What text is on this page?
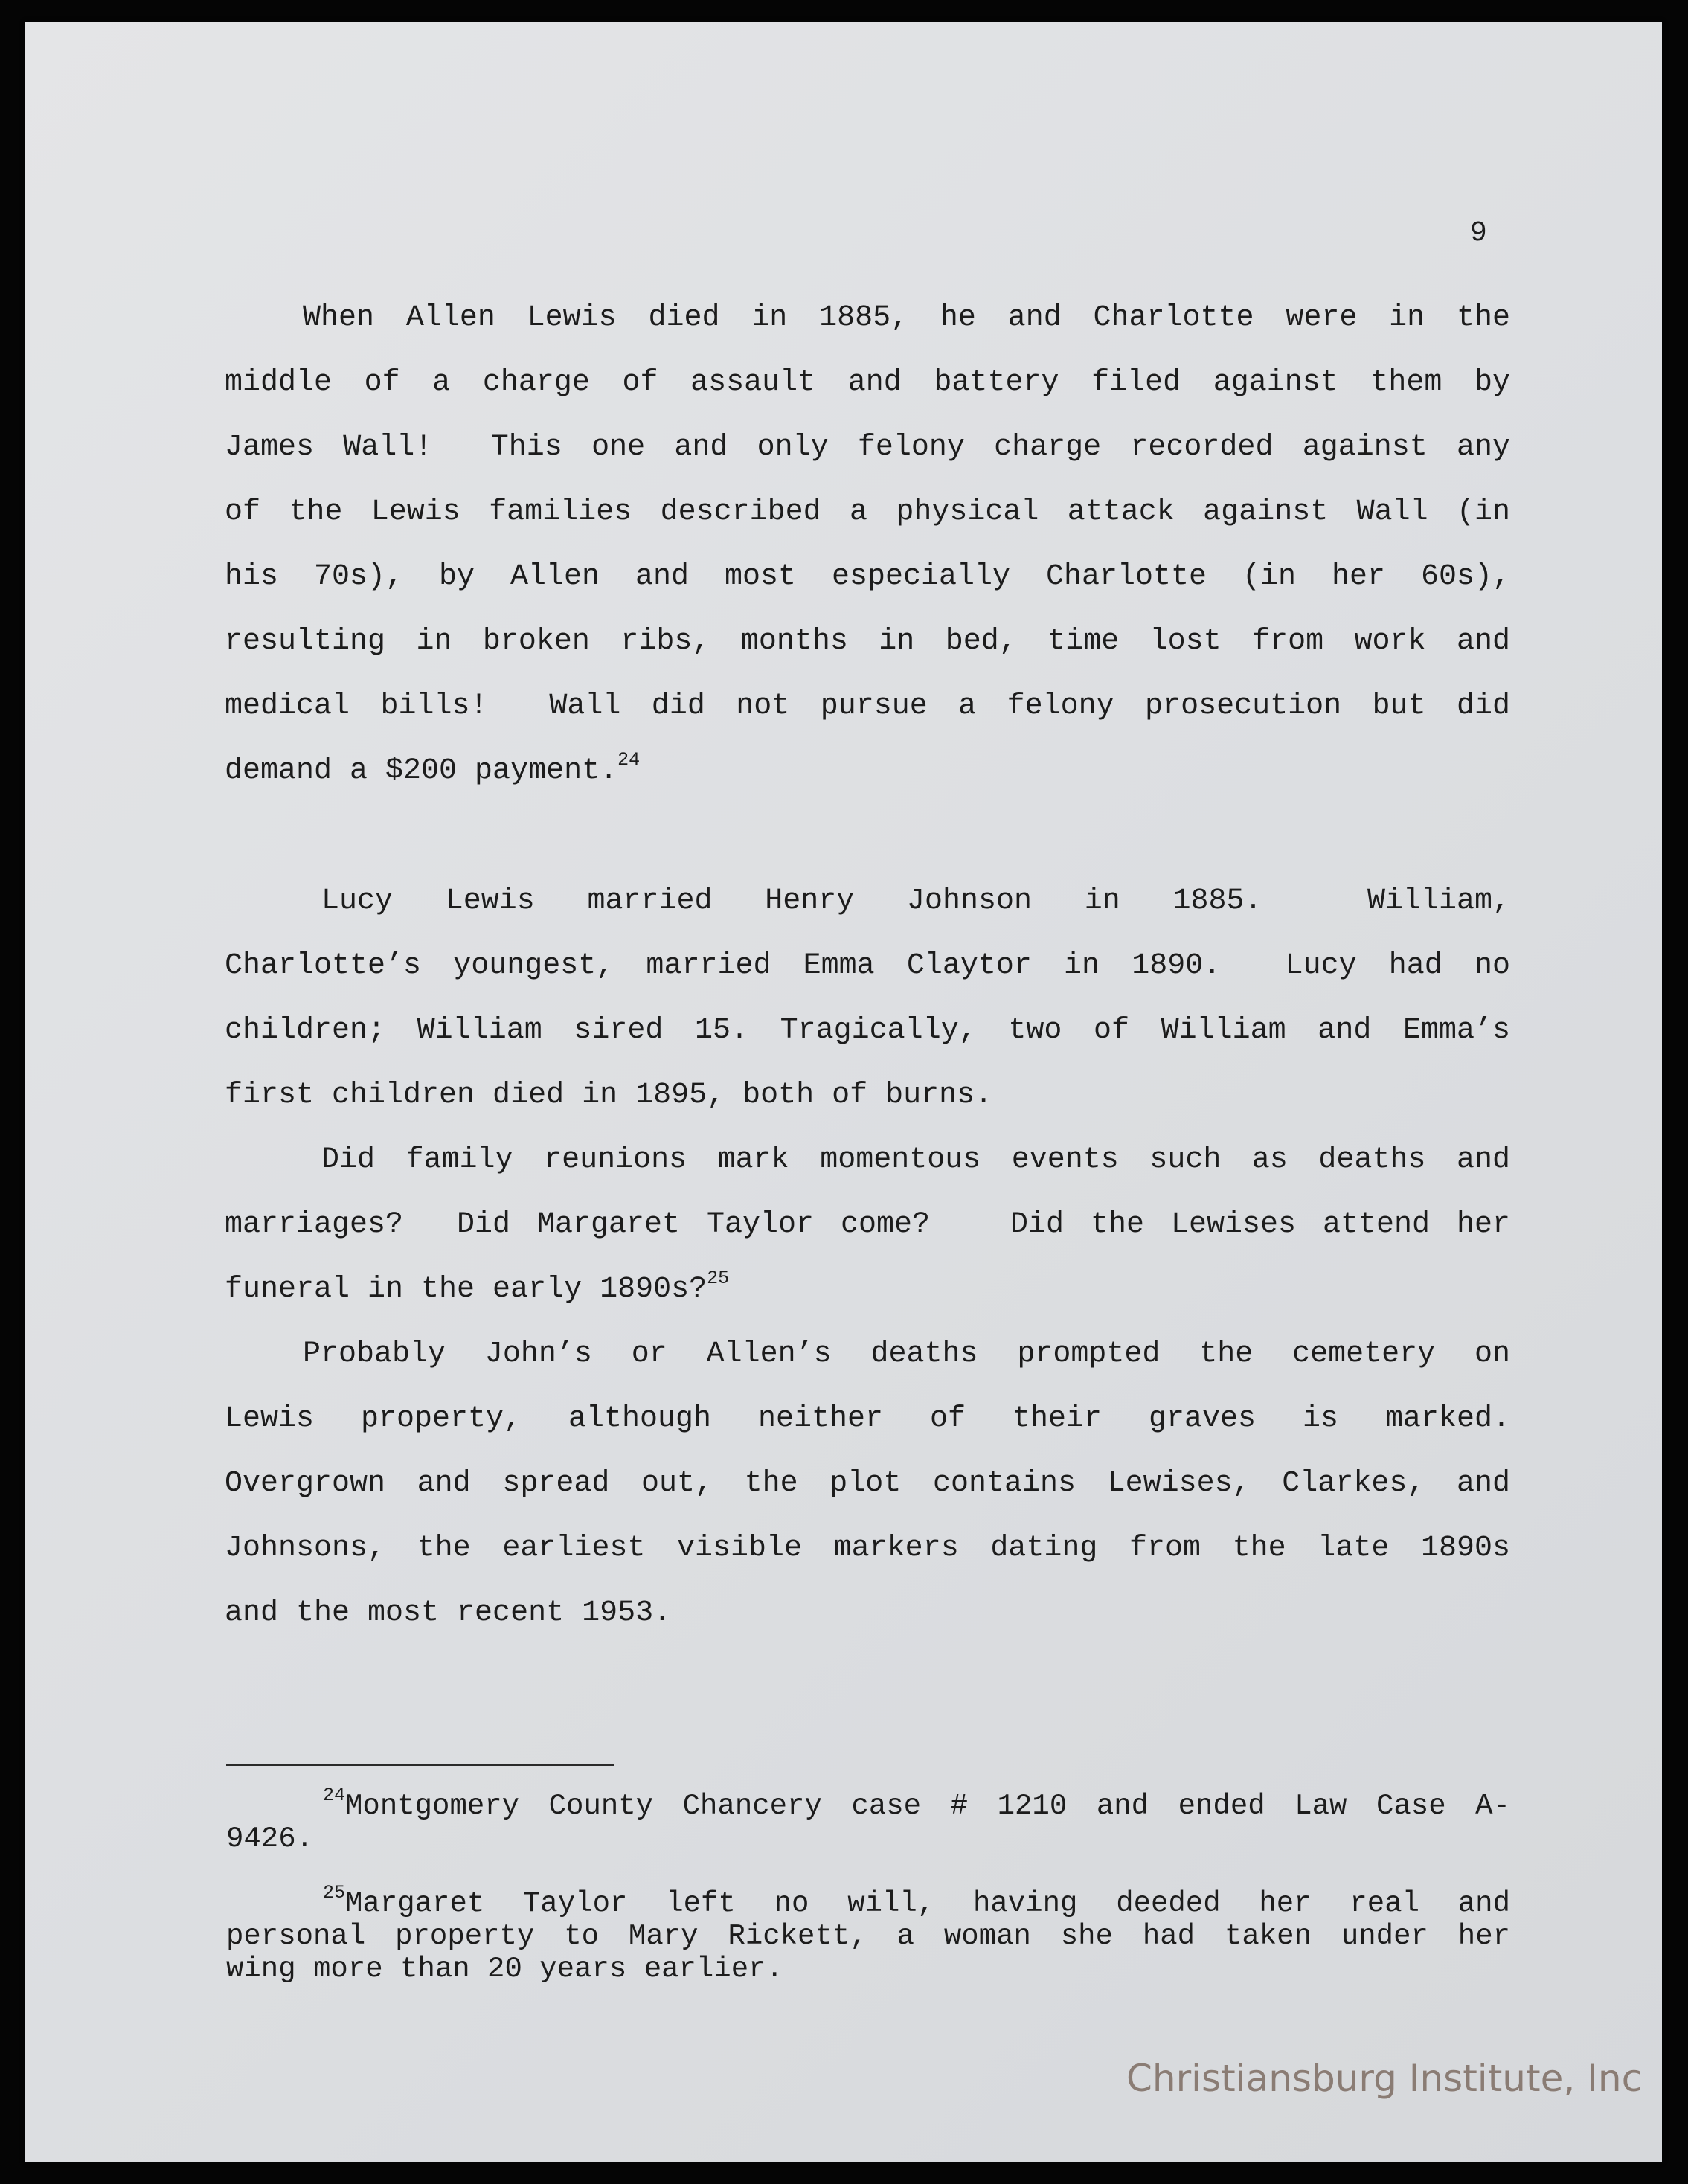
9
When Allen Lewis died in 1885, he and Charlotte were in the
middle of a charge of assault and battery filed against them by
James Wall!  This one and only felony charge recorded against any
of the Lewis families described a physical attack against Wall (in
his 70s), by Allen and most especially Charlotte (in her 60s),
resulting in broken ribs, months in bed, time lost from work and
medical bills!  Wall did not pursue a felony prosecution but did
demand a $200 payment.$^{24}$
Lucy Lewis married Henry Johnson in 1885.  William,
Charlotte’s youngest, married Emma Claytor in 1890.  Lucy had no
children; William sired 15. Tragically, two of William and Emma’s
first children died in 1895, both of burns.
Did family reunions mark momentous events such as deaths and
marriages?  Did Margaret Taylor come?   Did the Lewises attend her
funeral in the early 1890s?$^{25}$
Probably John’s or Allen’s deaths prompted the cemetery on
Lewis property, although neither of their graves is marked.
Overgrown and spread out, the plot contains Lewises, Clarkes, and
Johnsons, the earliest visible markers dating from the late 1890s
and the most recent 1953.
$^{24}$Montgomery County Chancery case # 1210 and ended Law Case A-
9426.
$^{25}$Margaret Taylor left no will, having deeded her real and
personal property to Mary Rickett, a woman she had taken under her
wing more than 20 years earlier.
Christiansburg Institute, Inc
